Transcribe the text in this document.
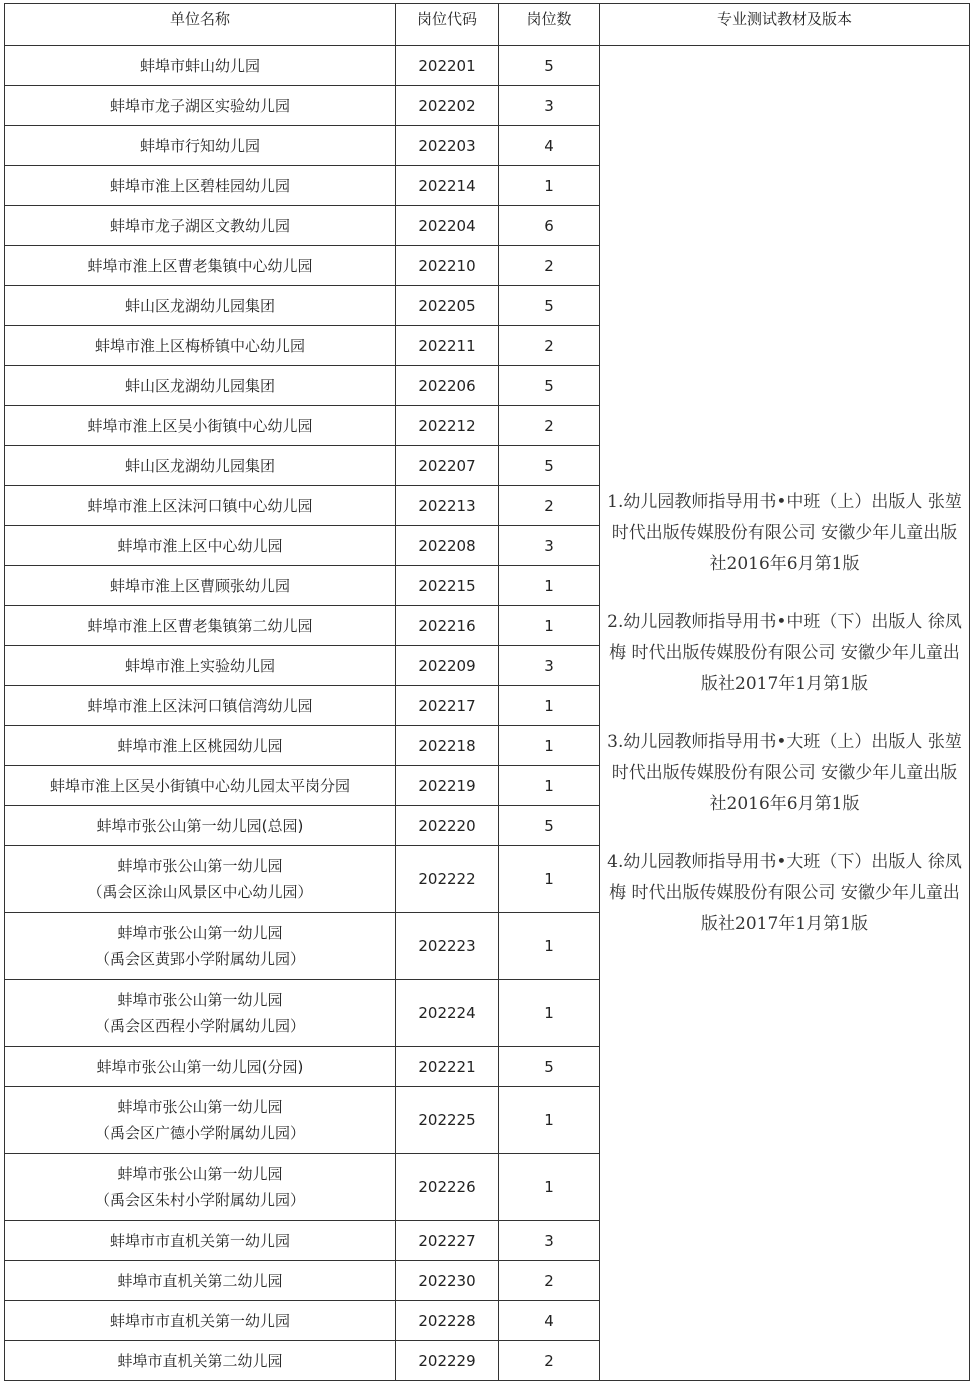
单位名称	岗位代码	岗位数	专业测试教材及版本

蚌埠市蚌山幼儿园	202201	5	1.幼儿园教师指导用书•中班（上）出版人 张堃 时代出版传媒股份有限公司 安徽少年儿童出版社2016年6月第1版
2.幼儿园教师指导用书•中班（下）出版人 徐凤梅 时代出版传媒股份有限公司 安徽少年儿童出版社2017年1月第1版
3.幼儿园教师指导用书•大班（上）出版人 张堃 时代出版传媒股份有限公司 安徽少年儿童出版社2016年6月第1版
4.幼儿园教师指导用书•大班（下）出版人 徐凤梅 时代出版传媒股份有限公司 安徽少年儿童出版社2017年1月第1版

蚌埠市龙子湖区实验幼儿园	202202	3	

蚌埠市行知幼儿园	202203	4	

蚌埠市淮上区碧桂园幼儿园	202214	1	

蚌埠市龙子湖区文教幼儿园	202204	6	

蚌埠市淮上区曹老集镇中心幼儿园	202210	2	

蚌山区龙湖幼儿园集团	202205	5	

蚌埠市淮上区梅桥镇中心幼儿园	202211	2	

蚌山区龙湖幼儿园集团	202206	5	

蚌埠市淮上区吴小街镇中心幼儿园	202212	2	

蚌山区龙湖幼儿园集团	202207	5	

蚌埠市淮上区沫河口镇中心幼儿园	202213	2	

蚌埠市淮上区中心幼儿园	202208	3	

蚌埠市淮上区曹顾张幼儿园	202215	1	

蚌埠市淮上区曹老集镇第二幼儿园	202216	1	

蚌埠市淮上实验幼儿园	202209	3	

蚌埠市淮上区沫河口镇信湾幼儿园	202217	1	

蚌埠市淮上区桃园幼儿园	202218	1	

蚌埠市淮上区吴小街镇中心幼儿园太平岗分园	202219	1	

蚌埠市张公山第一幼儿园(总园)	202220	5	

蚌埠市张公山第一幼儿园
（禹会区涂山风景区中心幼儿园）	202222	1	

蚌埠市张公山第一幼儿园
（禹会区黄郢小学附属幼儿园）	202223	1	

蚌埠市张公山第一幼儿园
（禹会区西程小学附属幼儿园）	202224	1	

蚌埠市张公山第一幼儿园(分园)	202221	5	

蚌埠市张公山第一幼儿园
（禹会区广德小学附属幼儿园）	202225	1	

蚌埠市张公山第一幼儿园
（禹会区朱村小学附属幼儿园）	202226	1	

蚌埠市市直机关第一幼儿园	202227	3	

蚌埠市直机关第二幼儿园	202230	2	

蚌埠市市直机关第一幼儿园	202228	4	

蚌埠市直机关第二幼儿园	202229	2	
